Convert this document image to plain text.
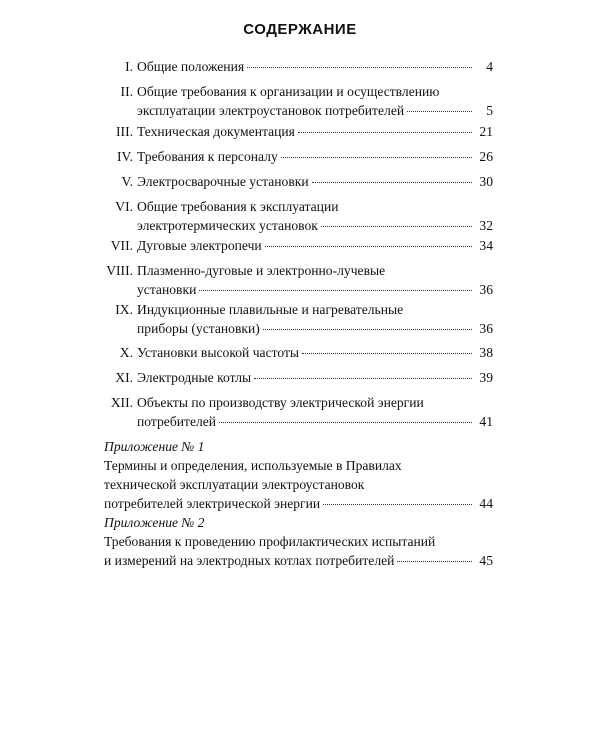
СОДЕРЖАНИЕ
I. Общие положения	4
II. Общие требования к организации и осуществлению
эксплуатации электроустановок потребителей	5
III. Техническая документация	21
IV. Требования к персоналу	26
V. Электросварочные установки	30
VI. Общие требования к эксплуатации
электротермических установок	32
VII. Дуговые электропечи	34
VIII. Плазменно-дуговые и электронно-лучевые
установки	36
IX. Индукционные плавильные и нагревательные
приборы (установки)	36
X. Установки высокой частоты	38
XI. Электродные котлы	39
XII. Объекты по производству электрической энергии
потребителей	41
Приложение № 1
Термины и определения, используемые в Правилах
технической эксплуатации электроустановок
потребителей электрической энергии	44
Приложение № 2
Требования к проведению профилактических испытаний
и измерений на электродных котлах потребителей	45
